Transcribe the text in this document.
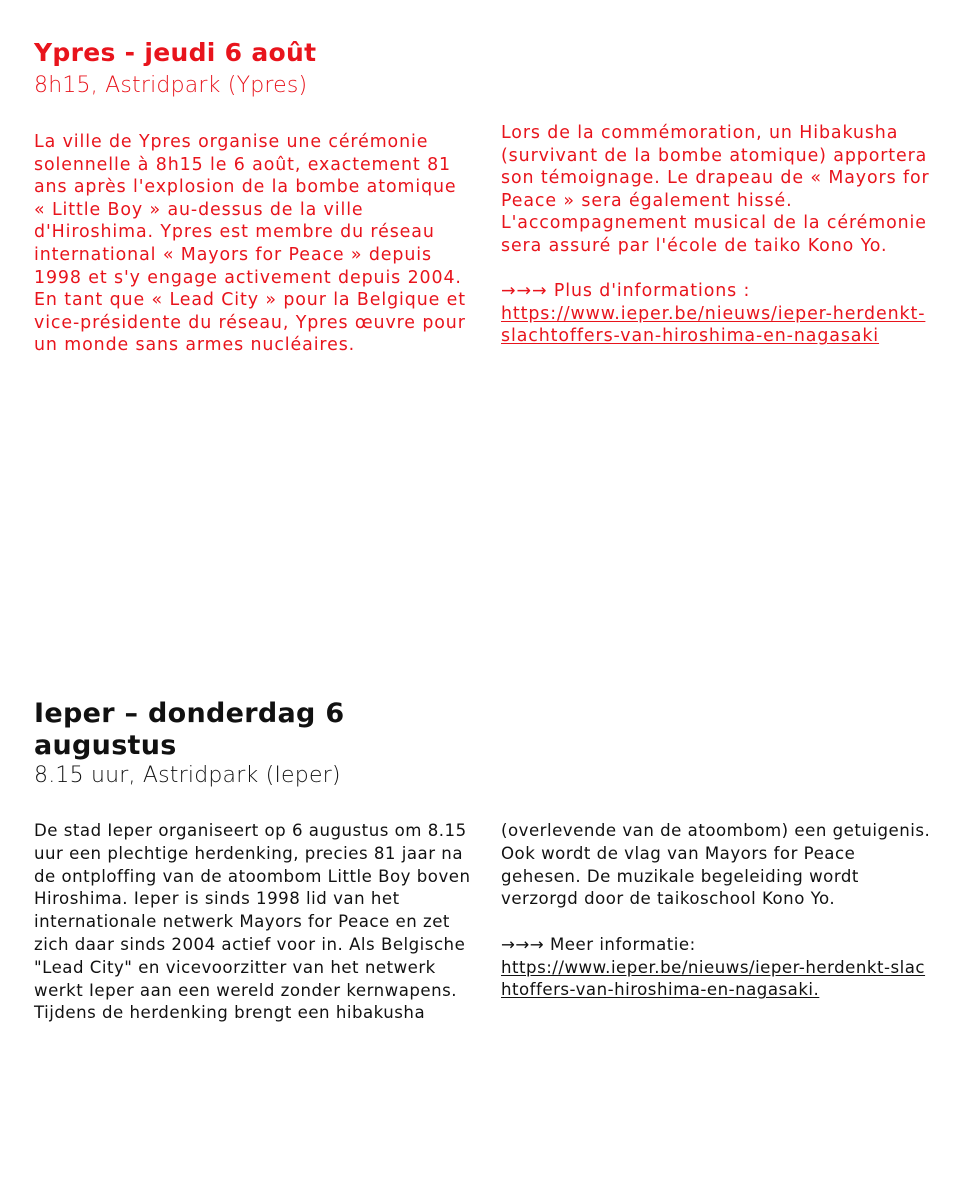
Ypres - jeudi 6 août
8h15, Astridpark (Ypres)

La ville de Ypres organise une cérémonie solennelle à 8h15 le 6 août, exactement 81 ans après l'explosion de la bombe atomique « Little Boy » au-dessus de la ville d'Hiroshima. Ypres est membre du réseau international « Mayors for Peace » depuis 1998 et s'y engage activement depuis 2004. En tant que « Lead City » pour la Belgique et vice-présidente du réseau, Ypres œuvre pour un monde sans armes nucléaires.

Lors de la commémoration, un Hibakusha (survivant de la bombe atomique) apportera son témoignage. Le drapeau de « Mayors for Peace » sera également hissé. L'accompagnement musical de la cérémonie sera assuré par l'école de taiko Kono Yo.

→→→ Plus d'informations :

https://www.ieper.be/nieuws/ieper-herdenkt-slachtoffers-van-hiroshima-en-nagasaki

Ieper – donderdag 6 augustus
8.15 uur, Astridpark (Ieper)

De stad Ieper organiseert op 6 augustus om 8.15 uur een plechtige herdenking, precies 81 jaar na de ontploffing van de atoombom Little Boy boven Hiroshima. Ieper is sinds 1998 lid van het internationale netwerk Mayors for Peace en zet zich daar sinds 2004 actief voor in. Als Belgische "Lead City" en vicevoorzitter van het netwerk werkt Ieper aan een wereld zonder kernwapens. Tijdens de herdenking brengt een hibakusha

(overlevende van de atoombom) een getuigenis. Ook wordt de vlag van Mayors for Peace gehesen. De muzikale begeleiding wordt verzorgd door de taikoschool Kono Yo.

→→→ Meer informatie:

https://www.ieper.be/nieuws/ieper-herdenkt-slachtoffers-van-hiroshima-en-nagasaki.
